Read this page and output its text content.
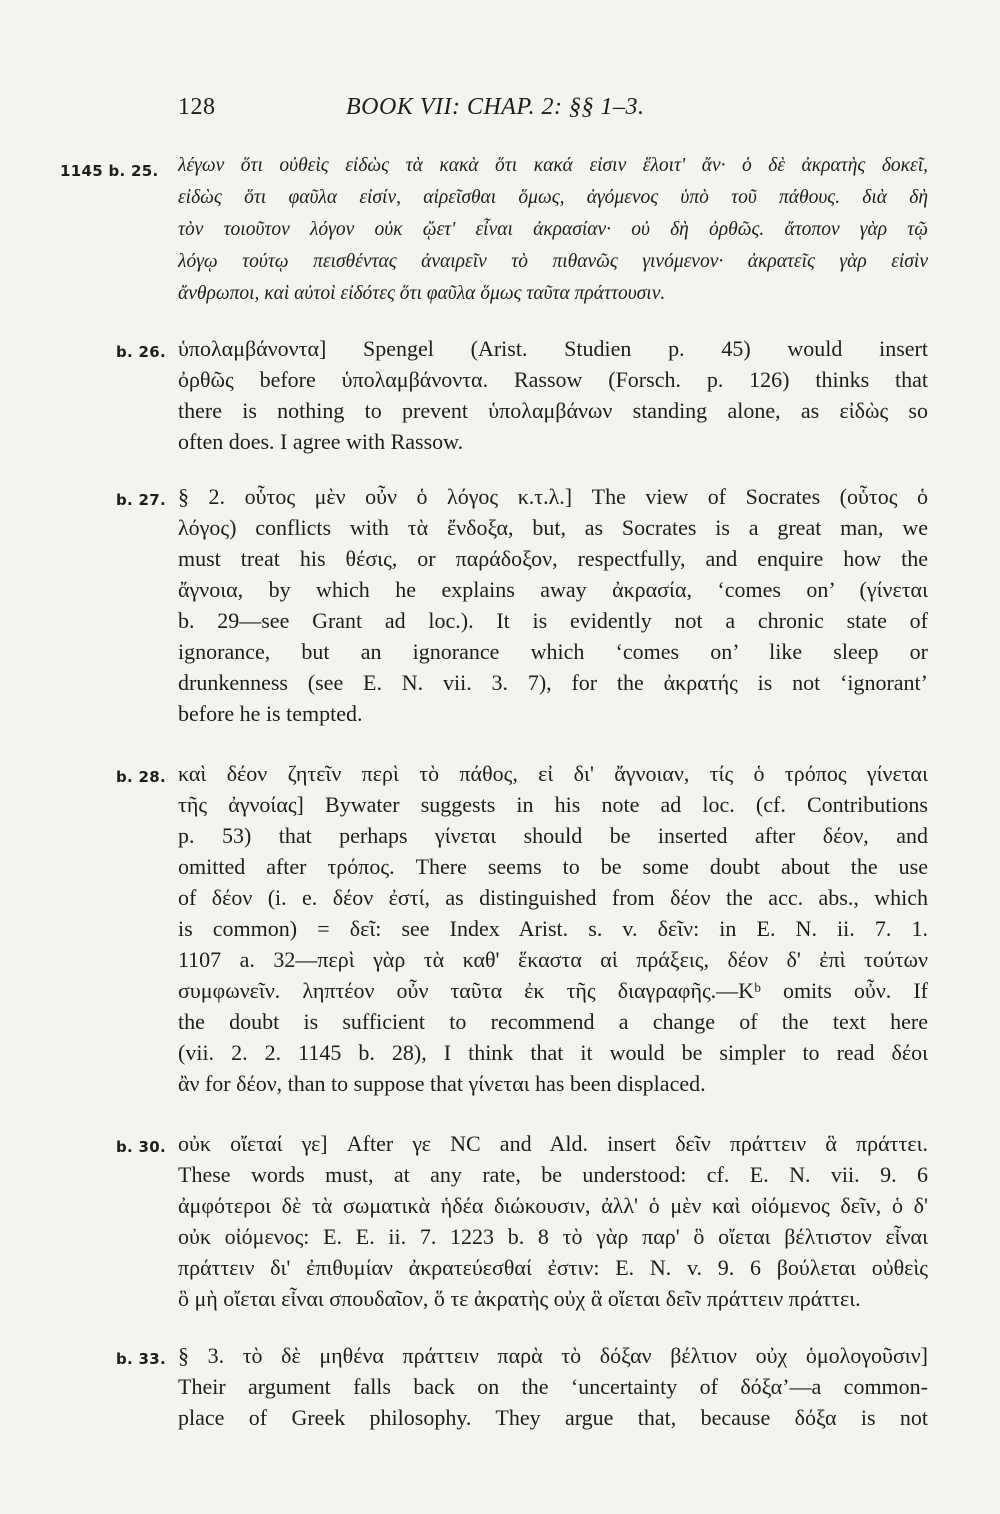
128	BOOK VII: CHAP. 2: §§ 1–3.
1145 b. 25. λέγων ὅτι οὐθεὶς εἰδὼς τὰ κακὰ ὅτι κακά εἰσιν ἕλοιτ' ἄν· ὁ δὲ ἀκρατὴς δοκεῖ,
εἰδὼς ὅτι φαῦλα εἰσίν, αἱρεῖσθαι ὅμως, ἀγόμενος ὑπὸ τοῦ πάθους. διὰ δὴ
τὸν τοιοῦτον λόγον οὐκ ᾤετ' εἶναι ἀκρασίαν· οὐ δὴ ὀρθῶς. ἄτοπον γὰρ τῷ
λόγῳ τούτῳ πεισθέντας ἀναιρεῖν τὸ πιθανῶς γινόμενον· ἀκρατεῖς γὰρ εἰσὶν
ἄνθρωποι, καὶ αὐτοὶ εἰδότες ὅτι φαῦλα ὅμως ταῦτα πράττουσιν.
b. 26. ὑπολαμβάνοντα] Spengel (Arist. Studien p. 45) would insert
ὀρθῶς before ὑπολαμβάνοντα. Rassow (Forsch. p. 126) thinks that
there is nothing to prevent ὑπολαμβάνων standing alone, as εἰδὼς so
often does. I agree with Rassow.
b. 27. § 2. οὗτος μὲν οὖν ὁ λόγος κ.τ.λ.] The view of Socrates (οὗτος ὁ
λόγος) conflicts with τὰ ἔνδοξα, but, as Socrates is a great man, we
must treat his θέσις, or παράδοξον, respectfully, and enquire how the
ἄγνοια, by which he explains away ἀκρασία, ‘comes on’ (γίνεται
b. 29—see Grant ad loc.). It is evidently not a chronic state of
ignorance, but an ignorance which ‘comes on’ like sleep or
drunkenness (see E. N. vii. 3. 7), for the ἀκρατής is not ‘ignorant’
before he is tempted.
b. 28. καὶ δέον ζητεῖν περὶ τὸ πάθος, εἰ δι' ἄγνοιαν, τίς ὁ τρόπος γίνεται
τῆς ἀγνοίας] Bywater suggests in his note ad loc. (cf. Contributions
p. 53) that perhaps γίνεται should be inserted after δέον, and
omitted after τρόπος. There seems to be some doubt about the use
of δέον (i. e. δέον ἐστί, as distinguished from δέον the acc. abs., which
is common) = δεῖ: see Index Arist. s. v. δεῖν: in E. N. ii. 7. 1.
1107 a. 32—περὶ γὰρ τὰ καθ' ἕκαστα αἱ πράξεις, δέον δ' ἐπὶ τούτων
συμφωνεῖν. ληπτέον οὖν ταῦτα ἐκ τῆς διαγραφῆς.—Kᵇ omits οὖν. If
the doubt is sufficient to recommend a change of the text here
(vii. 2. 2. 1145 b. 28), I think that it would be simpler to read δέοι
ἂν for δέον, than to suppose that γίνεται has been displaced.
b. 30. οὐκ οἴεταί γε] After γε NC and Ald. insert δεῖν πράττειν ἃ πράττει.
These words must, at any rate, be understood: cf. E. N. vii. 9. 6
ἀμφότεροι δὲ τὰ σωματικὰ ἡδέα διώκουσιν, ἀλλ' ὁ μὲν καὶ οἰόμενος δεῖν, ὁ δ'
οὐκ οἰόμενος: E. E. ii. 7. 1223 b. 8 τὸ γὰρ παρ' ὃ οἴεται βέλτιστον εἶναι
πράττειν δι' ἐπιθυμίαν ἀκρατεύεσθαί ἐστιν: E. N. v. 9. 6 βούλεται οὐθεὶς
ὃ μὴ οἴεται εἶναι σπουδαῖον, ὅ τε ἀκρατὴς οὐχ ἃ οἴεται δεῖν πράττειν πράττει.
b. 33. § 3. τὸ δὲ μηθένα πράττειν παρὰ τὸ δόξαν βέλτιον οὐχ ὁμολογοῦσιν]
Their argument falls back on the ‘uncertainty of δόξα’—a common-
place of Greek philosophy. They argue that, because δόξα is not
